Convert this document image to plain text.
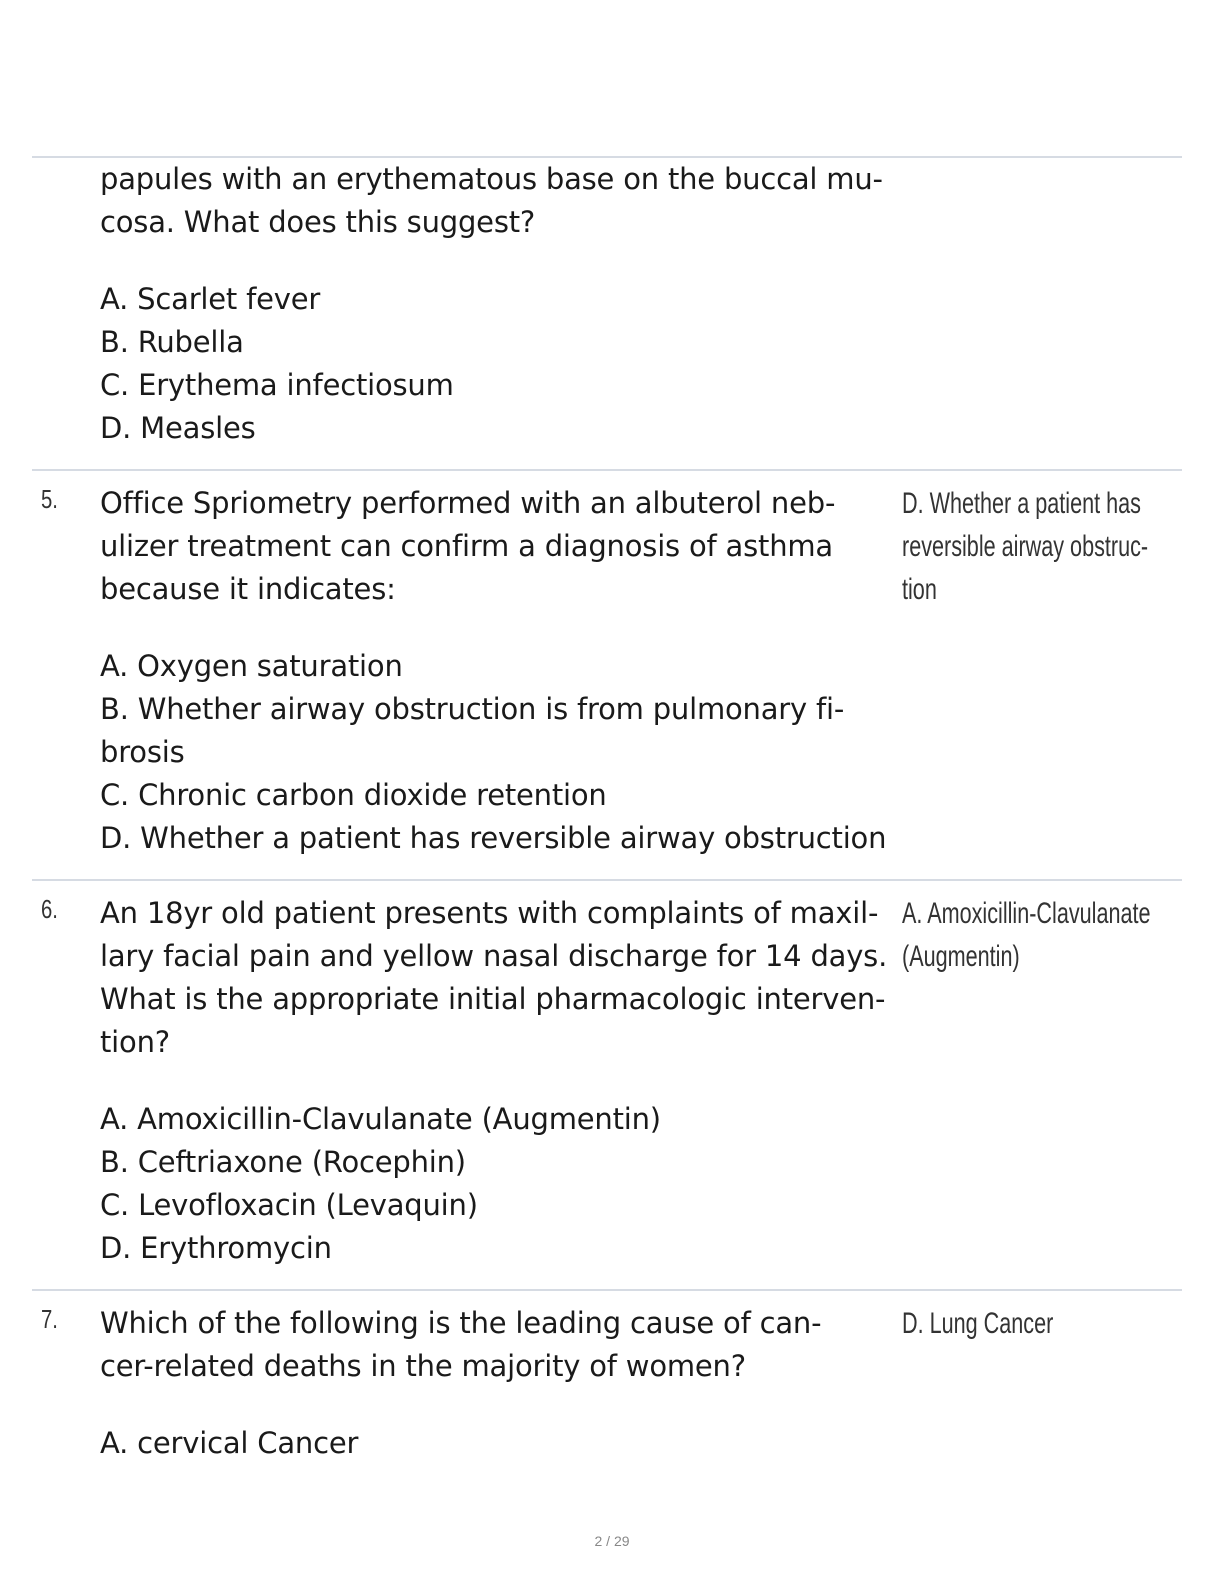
papules with an erythematous base on the buccal mu-
cosa. What does this suggest?
A. Scarlet fever
B. Rubella
C. Erythema infectiosum
D. Measles
5. Office Spriometry performed with an albuterol neb-
ulizer treatment can confirm a diagnosis of asthma
because it indicates:
A. Oxygen saturation
B. Whether airway obstruction is from pulmonary fi-
brosis
C. Chronic carbon dioxide retention
D. Whether a patient has reversible airway obstruction
D. Whether a patient has
reversible airway obstruc-
tion
6. An 18yr old patient presents with complaints of maxil-
lary facial pain and yellow nasal discharge for 14 days.
What is the appropriate initial pharmacologic interven-
tion?
A. Amoxicillin-Clavulanate (Augmentin)
B. Ceftriaxone (Rocephin)
C. Levofloxacin (Levaquin)
D. Erythromycin
A. Amoxicillin-Clavulanate
(Augmentin)
7. Which of the following is the leading cause of can-
cer-related deaths in the majority of women?
A. cervical Cancer
D. Lung Cancer
2 / 29
